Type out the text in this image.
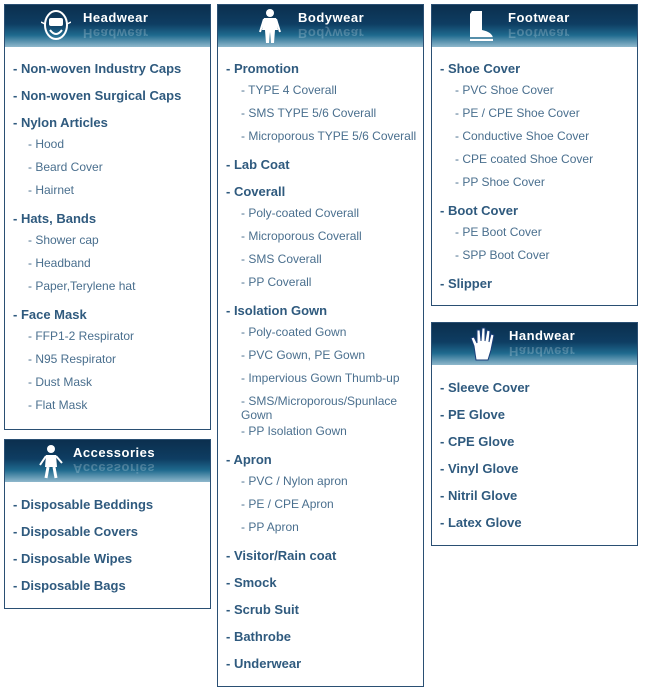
Headwear
Headwear
- Non-woven Industry Caps
- Non-woven Surgical Caps
- Nylon Articles
- Hood
- Beard Cover
- Hairnet
- Hats, Bands
- Shower cap
- Headband
- Paper,Terylene hat
- Face Mask
- FFP1-2 Respirator
- N95 Respirator
- Dust Mask
- Flat Mask
Accessories
Accessories
- Disposable Beddings
- Disposable Covers
- Disposable Wipes
- Disposable Bags
Bodywear
Bodywear
- Promotion
- TYPE 4 Coverall
- SMS TYPE 5/6 Coverall
- Microporous TYPE 5/6 Coverall
- Lab Coat
- Coverall
- Poly-coated Coverall
- Microporous Coverall
- SMS Coverall
- PP Coverall
- Isolation Gown
- Poly-coated Gown
- PVC Gown, PE Gown
- Impervious Gown Thumb-up
- SMS/Microporous/Spunlace Gown
- PP Isolation Gown
- Apron
- PVC / Nylon apron
- PE / CPE Apron
- PP Apron
- Visitor/Rain coat
- Smock
- Scrub Suit
- Bathrobe
- Underwear
Footwear
Footwear
- Shoe Cover
- PVC Shoe Cover
- PE / CPE Shoe Cover
- Conductive Shoe Cover
- CPE coated Shoe Cover
- PP Shoe Cover
- Boot Cover
- PE Boot Cover
- SPP Boot Cover
- Slipper
Handwear
Handwear
- Sleeve Cover
- PE Glove
- CPE Glove
- Vinyl Glove
- Nitril Glove
- Latex Glove
